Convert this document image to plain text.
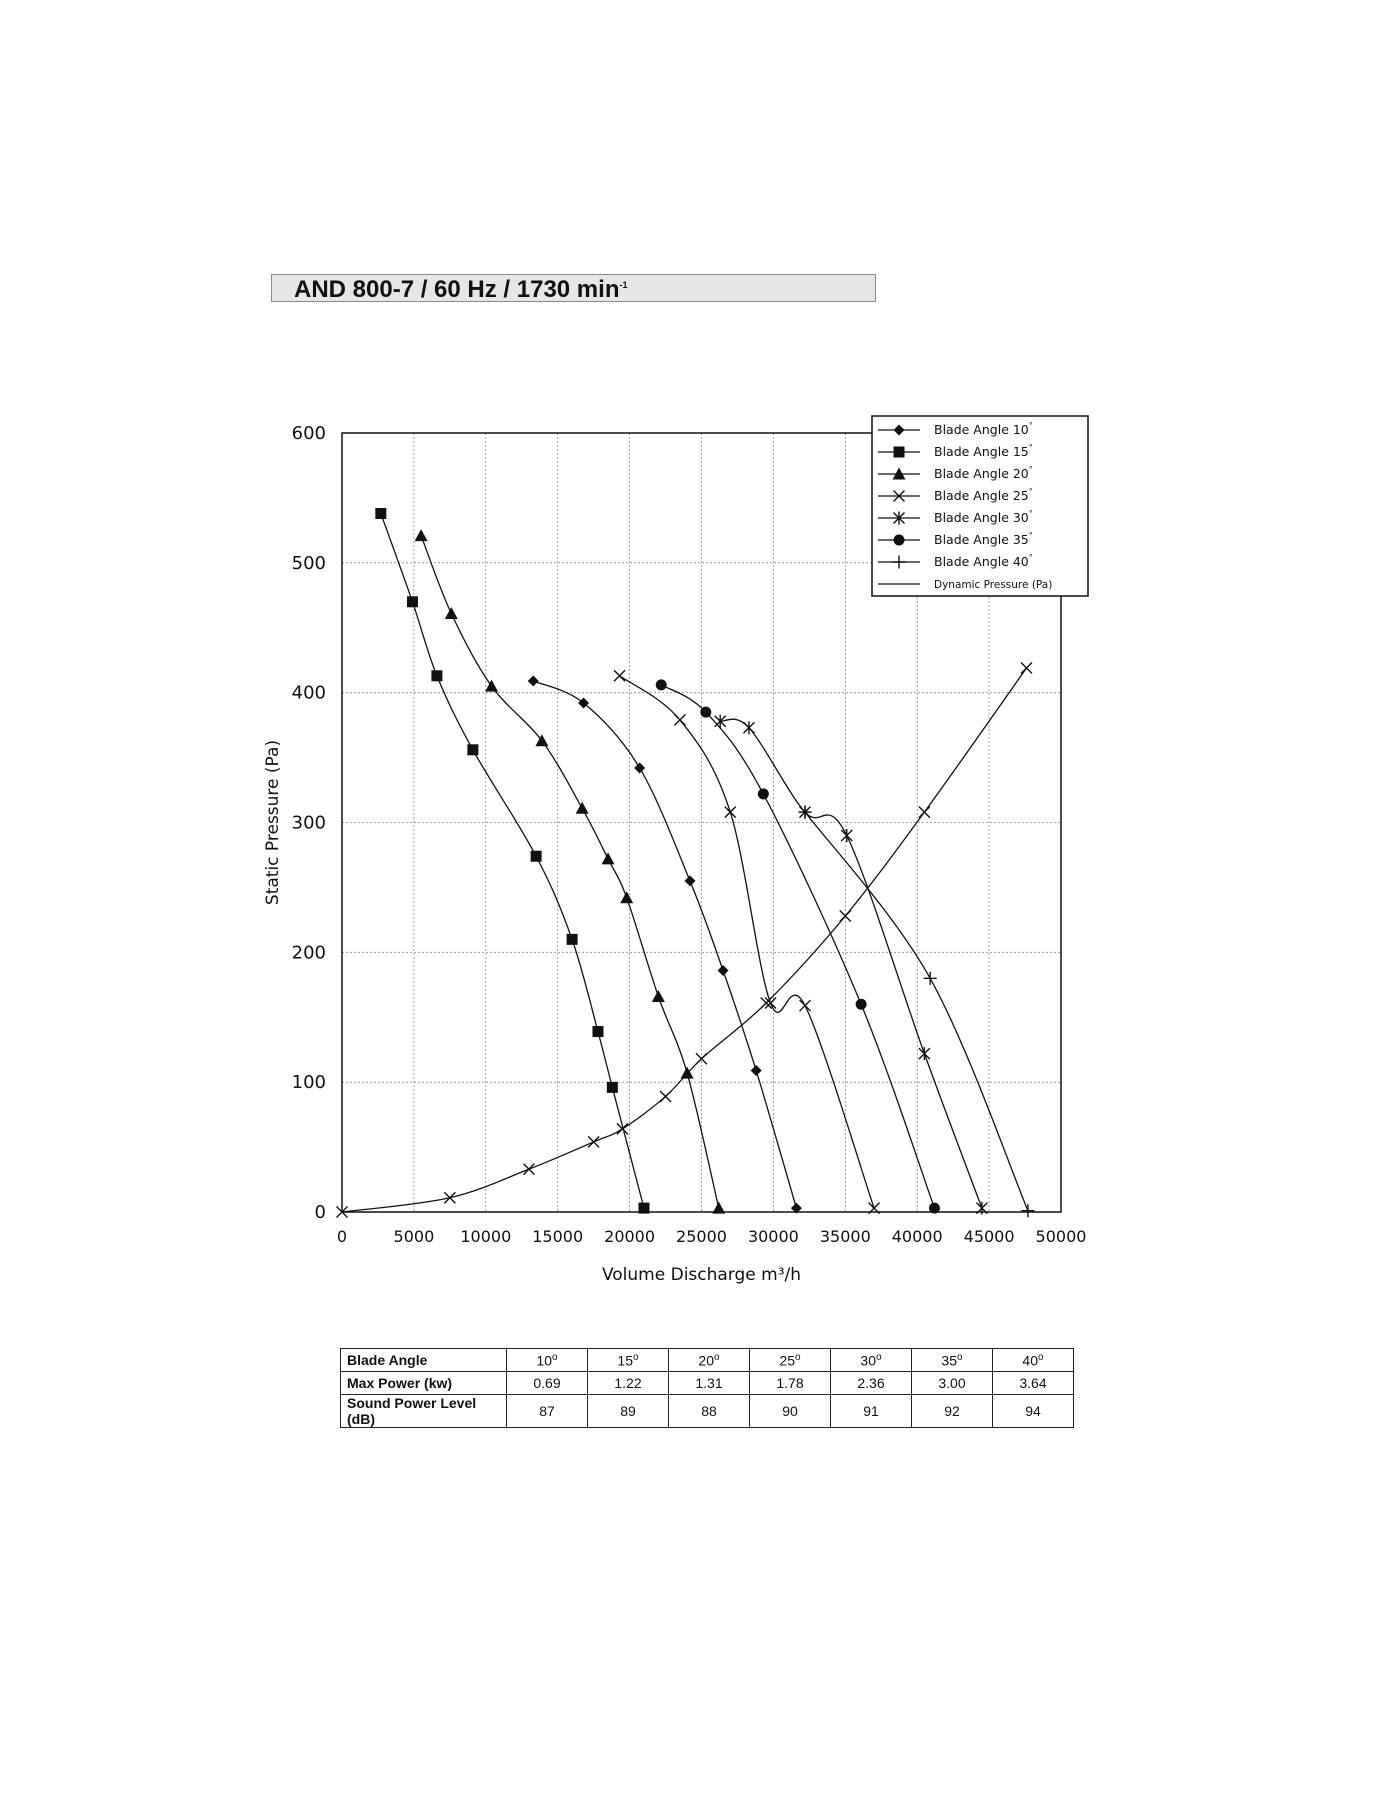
AND 800-7 / 60 Hz / 1730 $\min^{-1}$
0	5000 10000 15000 20000 25000 30000 35000 40000 45000 50000
0
100
200
300
400
500
600
Volume Discharge m³/h
Static Pressure (Pa)
Blade Angle 10°
Blade Angle 15°
Blade Angle 20°
Blade Angle 25°
Blade Angle 30°
Blade Angle 35°
Blade Angle 40°
Dynamic Pressure (Pa)
Blade Angle	10$^o$	15$^o$	20$^o$	25$^o$	30$^o$	35$^o$	40$^o$
Max Power (kw)	0.69	1.22	1.31	1.78	2.36	3.00	3.64
Sound Power Level (dB)	87	89	88	90	91	92	94
